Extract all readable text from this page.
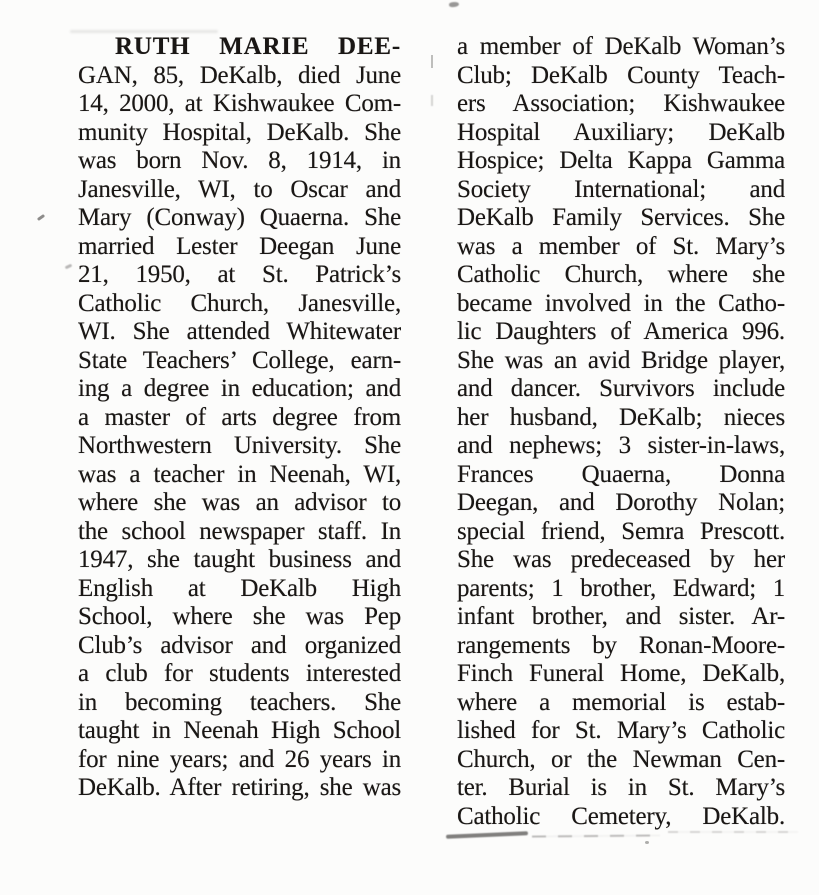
RUTH MARIE DEE-
GAN, 85, DeKalb, died June
14, 2000, at Kishwaukee Com-
munity Hospital, DeKalb. She
was born Nov. 8, 1914, in
Janesville, WI, to Oscar and
Mary (Conway) Quaerna. She
married Lester Deegan June
21, 1950, at St. Patrick’s
Catholic Church, Janesville,
WI. She attended Whitewater
State Teachers’ College, earn-
ing a degree in education; and
a master of arts degree from
Northwestern University. She
was a teacher in Neenah, WI,
where she was an advisor to
the school newspaper staff. In
1947, she taught business and
English at DeKalb High
School, where she was Pep
Club’s advisor and organized
a club for students interested
in becoming teachers. She
taught in Neenah High School
for nine years; and 26 years in
DeKalb. After retiring, she was
a member of DeKalb Woman’s
Club; DeKalb County Teach-
ers Association; Kishwaukee
Hospital Auxiliary; DeKalb
Hospice; Delta Kappa Gamma
Society International; and
DeKalb Family Services. She
was a member of St. Mary’s
Catholic Church, where she
became involved in the Catho-
lic Daughters of America 996.
She was an avid Bridge player,
and dancer. Survivors include
her husband, DeKalb; nieces
and nephews; 3 sister-in-laws,
Frances Quaerna, Donna
Deegan, and Dorothy Nolan;
special friend, Semra Prescott.
She was predeceased by her
parents; 1 brother, Edward; 1
infant brother, and sister. Ar-
rangements by Ronan-Moore-
Finch Funeral Home, DeKalb,
where a memorial is estab-
lished for St. Mary’s Catholic
Church, or the Newman Cen-
ter. Burial is in St. Mary’s
Catholic Cemetery, DeKalb.
